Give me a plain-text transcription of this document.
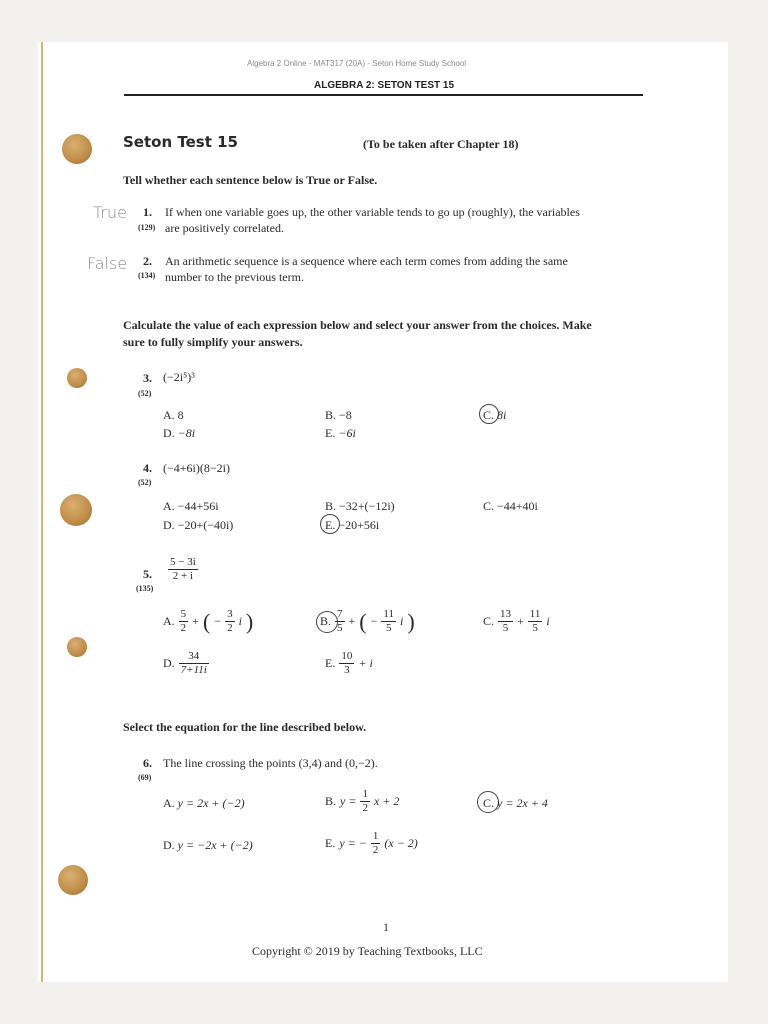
Algebra 2 Online - MAT317 (20A) - Seton Home Study School
ALGEBRA 2: SETON TEST 15
Seton Test 15	(To be taken after Chapter 18)
Tell whether each sentence below is True or False.
True 1.
(129)
If when one variable goes up, the other variable tends to go up (roughly), the variables
are positively correlated.
False 2.
(134)
An arithmetic sequence is a sequence where each term comes from adding the same
number to the previous term.
Calculate the value of each expression below and select your answer from the choices. Make
sure to fully simplify your answers.
3.
(52)
(−2i⁵)³
A. 8	B. −8	C. 8i
D. −8i	E. −6i
4.
(52)
(−4+6i)(8−2i)
A. −44+56i	B. −32+(−12i)	C. −44+40i
D. −20+(−40i)	E. −20+56i
5.
(135)
$\frac{5 - 3i}{2 + i}$
A. $\frac{5}{2}$ + ( − $\frac{3}{2}$ i )	B. $\frac{7}{5}$ + ( − $\frac{11}{5}$ i )	C. $\frac{13}{5} + \frac{11}{5}$ i
D. $\frac{34}{7+11i}$	E. $\frac{10}{3} + i$
Select the equation for the line described below.
6.
(69)
The line crossing the points (3,4) and (0,−2).
A. y = 2x + (−2)	B. $y = \frac{1}{2}$ x + 2	C. y = 2x + 4
D. y = −2x + (−2)	E. y = − $\frac{1}{2} (x - 2)$
1
Copyright © 2019 by Teaching Textbooks, LLC
